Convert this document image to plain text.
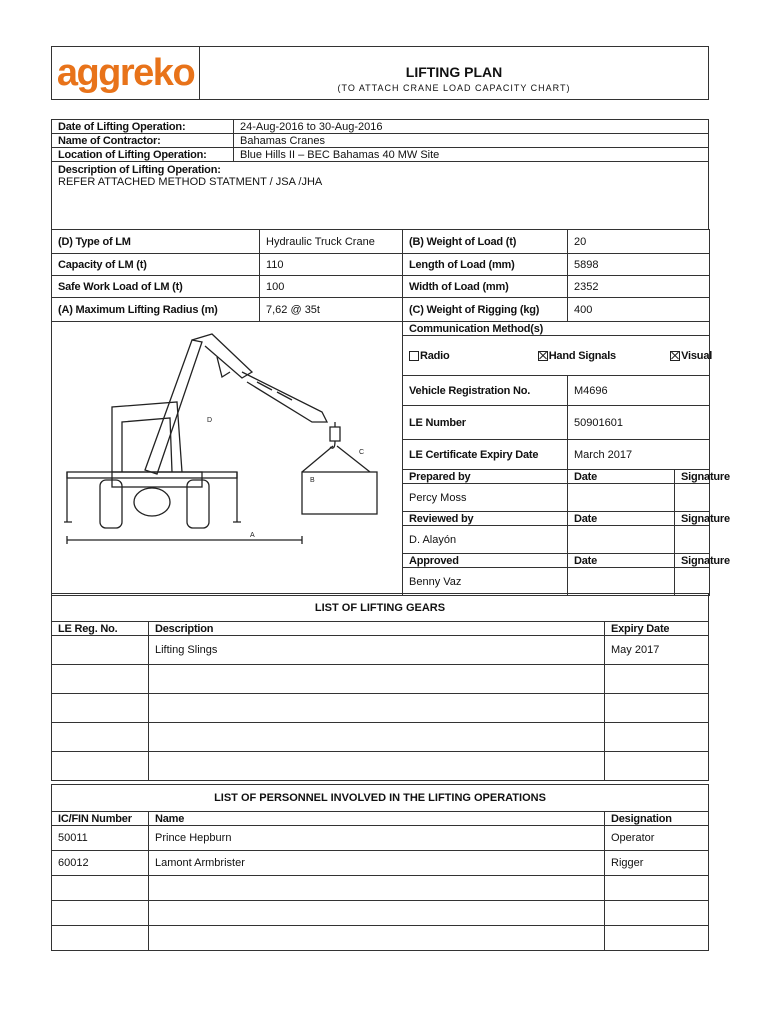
aggreko	LIFTING PLAN
(TO ATTACH CRANE LOAD CAPACITY CHART)
Date of Lifting Operation:	24-Aug-2016 to 30-Aug-2016
Name of Contractor:	Bahamas Cranes
Location of Lifting Operation:	Blue Hills II – BEC Bahamas 40 MW Site

Description of Lifting Operation:
REFER ATTACHED METHOD STATMENT / JSA /JHA	
(D) Type of LM	Hydraulic Truck Crane	(B) Weight of Load (t)	20	
Capacity of LM (t)	110	Length of Load (mm)	5898	
Safe Work Load of LM (t)	100	Width of Load (mm)	2352	
(A) Maximum Lifting Radius (m)	7,62 @ 35t	(C) Weight of Rigging (kg)	400	

D
C
B
A		Communication Method(s)		
		Radio Hand Signals Visual		
		Vehicle Registration No.	M4696	
		LE Number	50901601	
		LE Certificate Expiry Date	March 2017	
		Prepared by	Date	Signature
		Percy Moss		
		Reviewed by	Date	Signature
		D. Alayón		
		Approved	Date	Signature
		Benny Vaz		
LIST OF LIFTING GEARS		
LE Reg. No.	Description	Expiry Date
	Lifting Slings	May 2017

LIST OF PERSONNEL INVOLVED IN THE LIFTING OPERATIONS		
IC/FIN Number	Name	Designation
50011	Prince Hepburn	Operator
60012	Lamont Armbrister	Rigger
